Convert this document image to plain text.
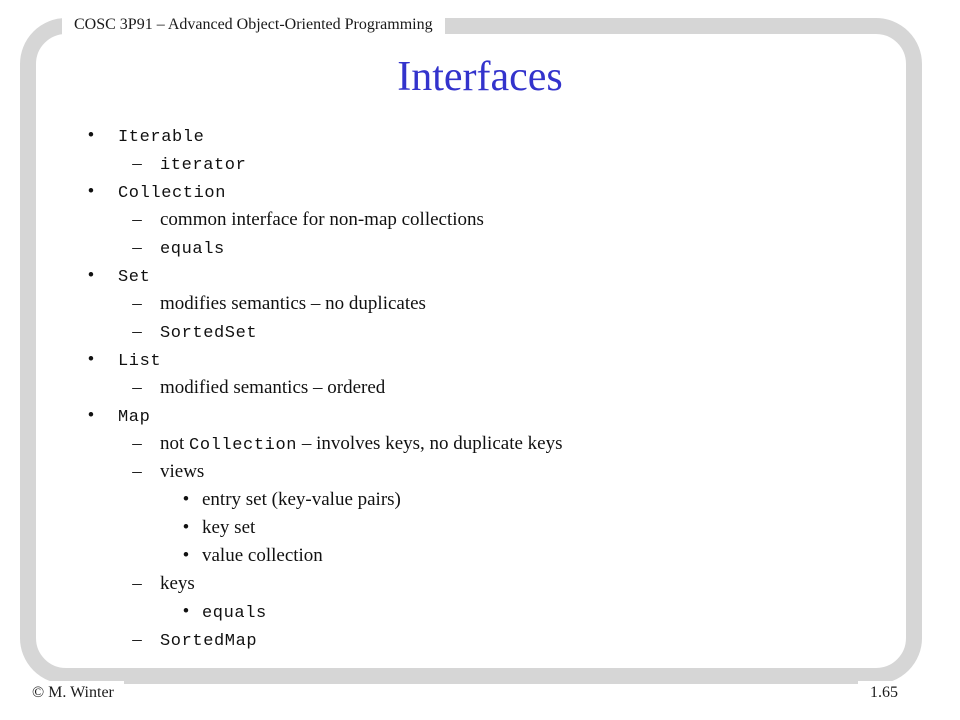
COSC 3P91 – Advanced Object-Oriented Programming
© M. Winter	1.65
Interfaces
• Iterable
– iterator
• Collection
– common interface for non-map collections
– equals
• Set
– modifies semantics – no duplicates
– SortedSet
• List
– modified semantics – ordered
• Map
– not Collection – involves keys, no duplicate keys
– views
• entry set (key-value pairs)
• key set
• value collection
– keys
• equals
– SortedMap
